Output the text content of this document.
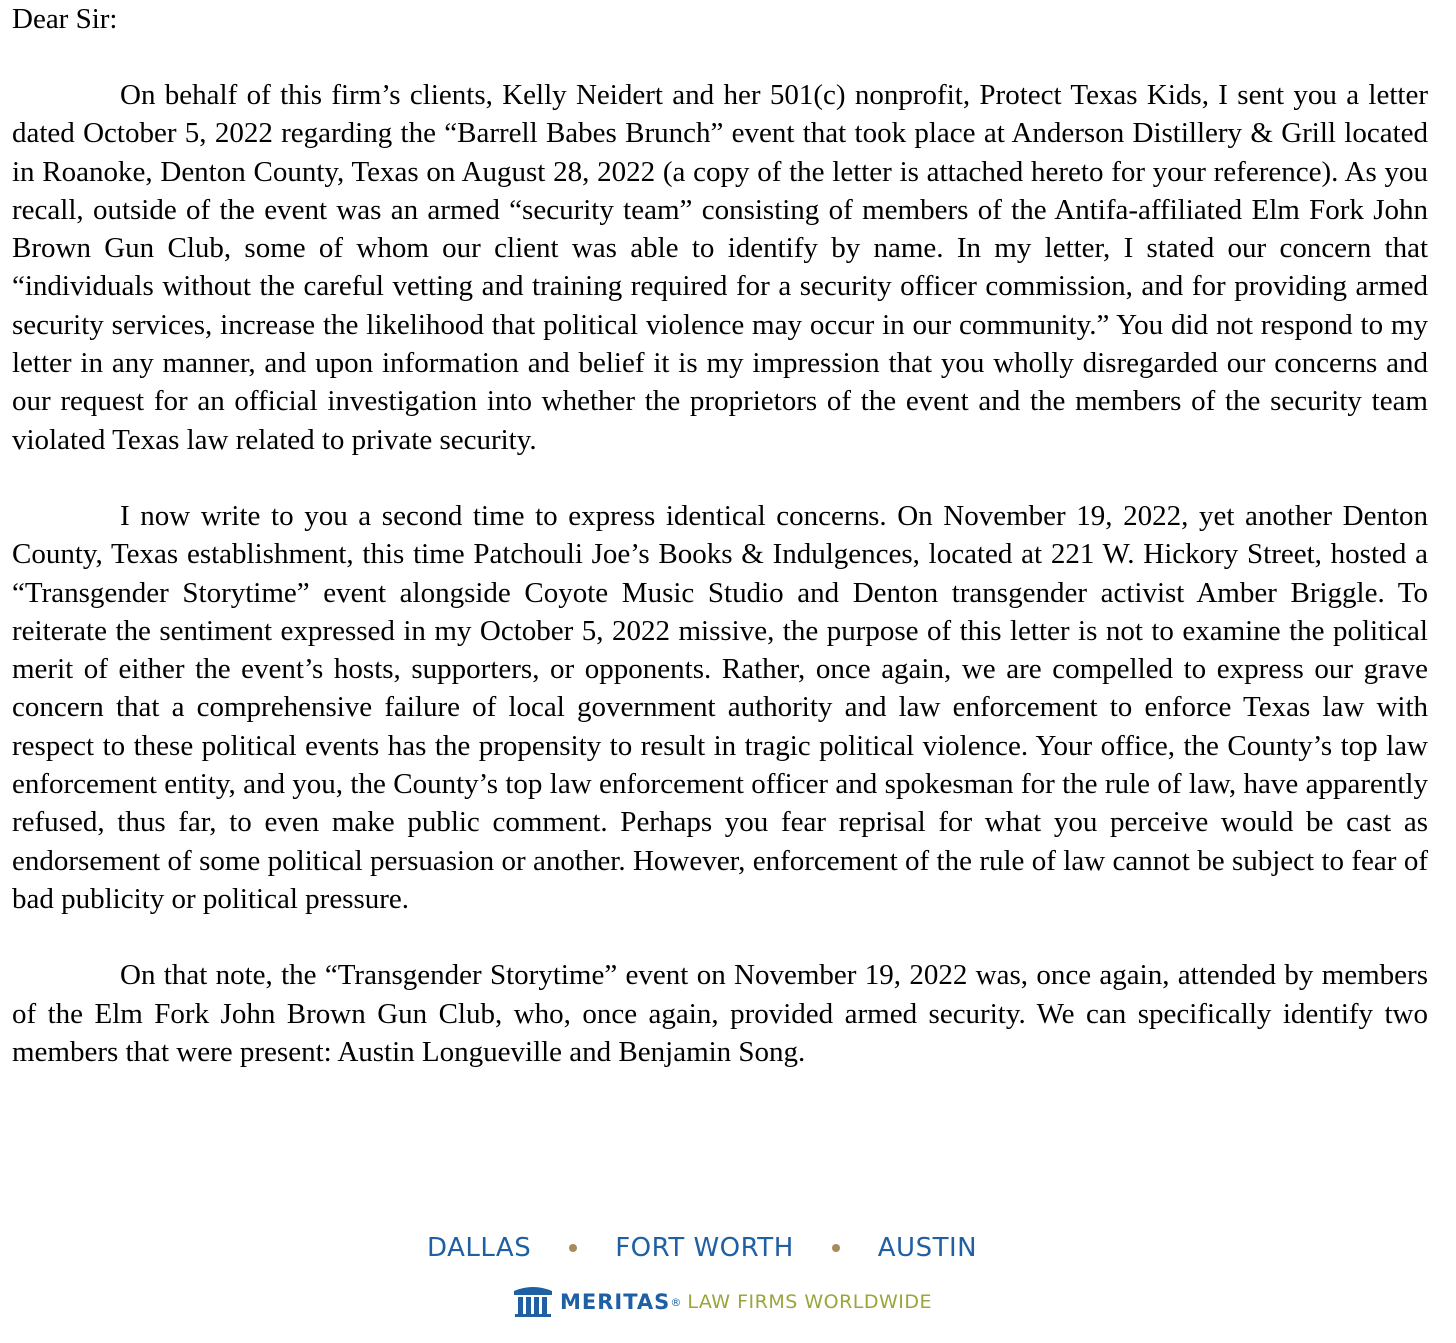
Dear Sir:

On behalf of this firm’s clients, Kelly Neidert and her 501(c) nonprofit, Protect Texas Kids, I sent you a letter dated October 5, 2022 regarding the “Barrell Babes Brunch” event that took place at Anderson Distillery & Grill located in Roanoke, Denton County, Texas on August 28, 2022 (a copy of the letter is attached hereto for your reference). As you recall, outside of the event was an armed “security team” consisting of members of the Antifa-affiliated Elm Fork John Brown Gun Club, some of whom our client was able to identify by name. In my letter, I stated our concern that “individuals without the careful vetting and training required for a security officer commission, and for providing armed security services, increase the likelihood that political violence may occur in our community.” You did not respond to my letter in any manner, and upon information and belief it is my impression that you wholly disregarded our concerns and our request for an official investigation into whether the proprietors of the event and the members of the security team violated Texas law related to private security.

I now write to you a second time to express identical concerns. On November 19, 2022, yet another Denton County, Texas establishment, this time Patchouli Joe’s Books & Indulgences, located at 221 W. Hickory Street, hosted a “Transgender Storytime” event alongside Coyote Music Studio and Denton transgender activist Amber Briggle. To reiterate the sentiment expressed in my October 5, 2022 missive, the purpose of this letter is not to examine the political merit of either the event’s hosts, supporters, or opponents. Rather, once again, we are compelled to express our grave concern that a comprehensive failure of local government authority and law enforcement to enforce Texas law with respect to these political events has the propensity to result in tragic political violence. Your office, the County’s top law enforcement entity, and you, the County’s top law enforcement officer and spokesman for the rule of law, have apparently refused, thus far, to even make public comment. Perhaps you fear reprisal for what you perceive would be cast as endorsement of some political persuasion or another. However, enforcement of the rule of law cannot be subject to fear of bad publicity or political pressure.

On that note, the “Transgender Storytime” event on November 19, 2022 was, once again, attended by members of the Elm Fork John Brown Gun Club, who, once again, provided armed security. We can specifically identify two members that were present: Austin Longueville and Benjamin Song.

DALLAS	FORT WORTH	AUSTIN
MERITAS ® LAW FIRMS WORLDWIDE
